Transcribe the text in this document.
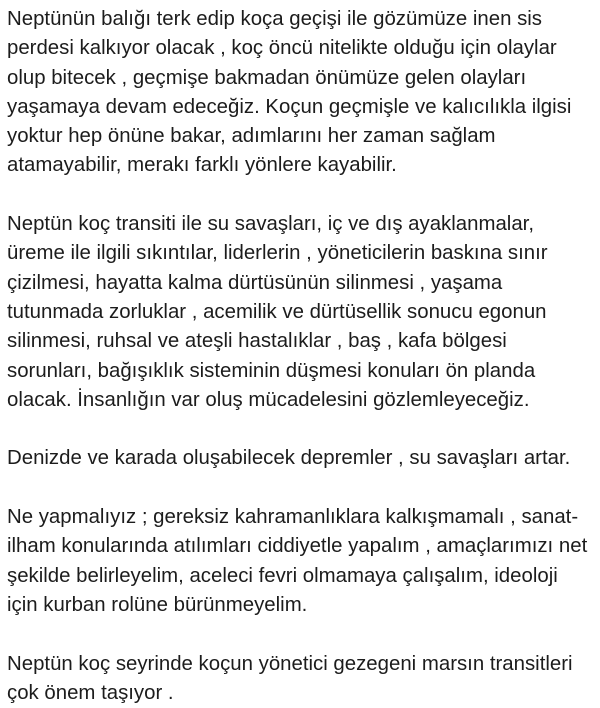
Neptünün balığı terk edip koça geçişi ile gözümüze inen sis perdesi kalkıyor olacak , koç öncü nitelikte olduğu için olaylar olup bitecek , geçmişe bakmadan önümüze gelen olayları yaşamaya devam edeceğiz. Koçun geçmişle ve kalıcılıkla ilgisi yoktur hep önüne bakar, adımlarını her zaman sağlam atamayabilir, merakı farklı yönlere kayabilir.

Neptün koç transiti ile su savaşları, iç ve dış ayaklanmalar, üreme ile ilgili sıkıntılar, liderlerin , yöneticilerin baskına sınır çizilmesi, hayatta kalma dürtüsünün silinmesi , yaşama tutunmada zorluklar , acemilik ve dürtüsellik sonucu egonun silinmesi, ruhsal ve ateşli hastalıklar , baş , kafa bölgesi sorunları, bağışıklık sisteminin düşmesi konuları ön planda olacak. İnsanlığın var oluş mücadelesini gözlemleyeceğiz.

Denizde ve karada oluşabilecek depremler , su savaşları artar.

Ne yapmalıyız ; gereksiz kahramanlıklara kalkışmamalı , sanat-ilham konularında atılımları ciddiyetle yapalım , amaçlarımızı net şekilde belirleyelim, aceleci fevri olmamaya çalışalım, ideoloji için kurban rolüne bürünmeyelim.

Neptün koç seyrinde koçun yönetici gezegeni marsın transitleri çok önem taşıyor .
